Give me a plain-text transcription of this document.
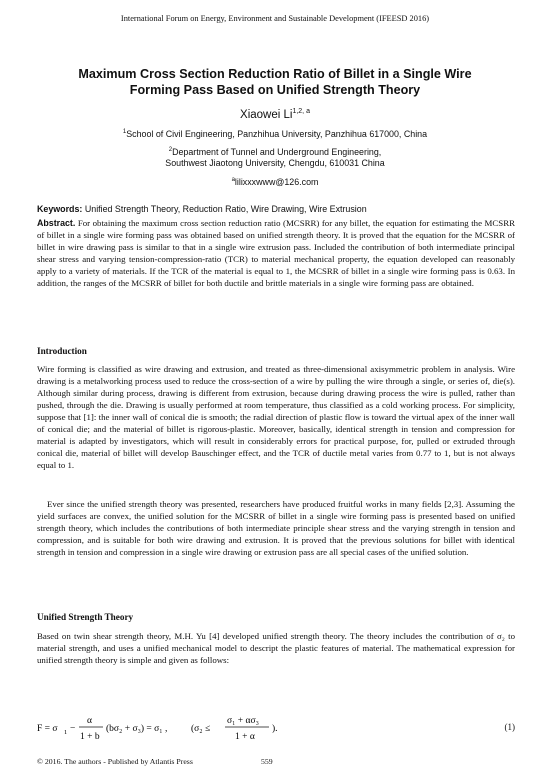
International Forum on Energy, Environment and Sustainable Development (IFEESD 2016)
Maximum Cross Section Reduction Ratio of Billet in a Single Wire
Forming Pass Based on Unified Strength Theory
Xiaowei Li$^{1,2, a}$
$^1$School of Civil Engineering, Panzhihua University, Panzhihua 617000, China
$^2$Department of Tunnel and Underground Engineering,
Southwest Jiaotong University, Chengdu, 610031 China
$^a$lilixxxwww@126.com
Keywords: Unified Strength Theory, Reduction Ratio, Wire Drawing, Wire Extrusion
Abstract. For obtaining the maximum cross section reduction ratio (MCSRR) for any billet, the equation for estimating the MCSRR of billet in a single wire forming pass was obtained based on unified strength theory. It is proved that the equation for the MCSRR of billet in wire drawing pass is similar to that in a single wire extrusion pass. Included the contribution of both intermediate principal shear stress and varying tension-compression-ratio (TCR) to material mechanical property, the equation developed can reasonably apply to a variety of materials. If the TCR of the material is equal to 1, the MCSRR of billet in a single wire forming pass is 0.63. In addition, the ranges of the MCSRR of billet for both ductile and brittle materials in a single wire forming pass are obtained.
Introduction
Wire forming is classified as wire drawing and extrusion, and treated as three-dimensional axisymmetric problem in analysis. Wire drawing is a metalworking process used to reduce the cross-section of a wire by pulling the wire through a single, or series of, die(s). Although similar during process, drawing is different from extrusion, because during drawing process the wire is pulled, rather than pushed, through the die. Drawing is usually performed at room temperature, thus classified as a cold working process. For simplicity, suppose that [1]: the inner wall of conical die is smooth; the radial direction of plastic flow is toward the virtual apex of the inner wall of conical die; and the material of billet is rigorous-plastic. Moreover, basically, identical strength in tension and compression for material is adapted by investigators, which will result in considerably errors for practical purpose, for, pulled or extruded through conical die, material of billet will develop Bauschinger effect, and the TCR of ductile metal varies from 0.77 to 1, but is not always equal to 1.
Ever since the unified strength theory was presented, researchers have produced fruitful works in many fields [2,3]. Assuming the yield surfaces are convex, the unified solution for the MCSRR of billet in a single wire forming pass is presented based on unified strength theory, which includes the contributions of both intermediate principle shear stress and the varying strength in tension and compression, and is suitable for both wire drawing and extrusion. It is proved that the previous solutions for billet with identical strength in tension and compression in a single wire drawing or extrusion pass are all special cases of the unified solution.
Unified Strength Theory
Based on twin shear strength theory, M.H. Yu [4] developed unified strength theory. The theory includes the contribution of σ₂ to material strength, and uses a unified mechanical model to descript the plastic features of material. The mathematical expression for unified strength theory is simple and given as follows:
F = σ 1 −
α
1 + b
(bσ₂ + σ₃) = σ₁ , (σ₂ ≤
σ₁ + ασ₃
1 + α
).	(1)
© 2016. The authors - Published by Atlantis Press	559
